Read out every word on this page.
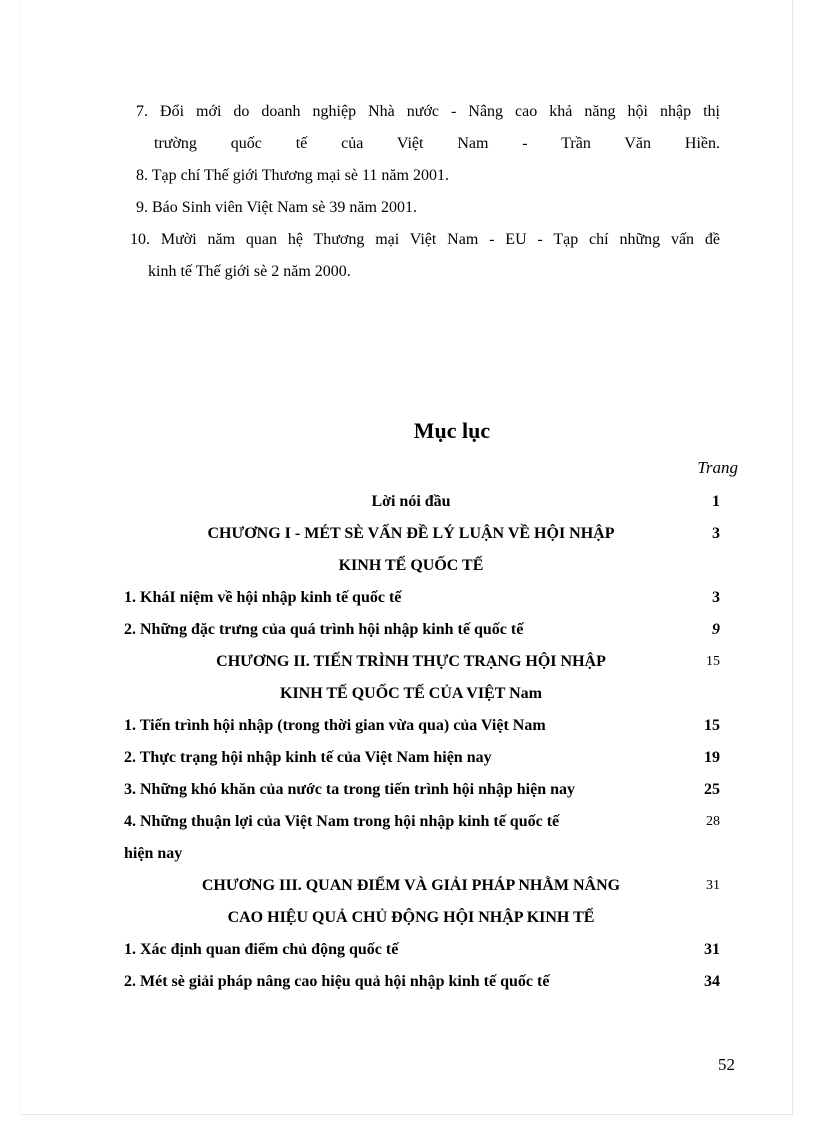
7. Đổi mới do doanh nghiệp Nhà nước - Nâng cao khả năng hội nhập thị
trường quốc tế của Việt Nam - Trần Văn Hiền.
8. Tạp chí Thế giới Thương mại sè 11 năm 2001.
9. Báo Sinh viên Việt Nam sè 39 năm 2001.
10. Mười năm quan hệ Thương mại Việt Nam - EU - Tạp chí những vấn đề
kinh tế Thế giới sè 2 năm 2000.
Mục lục
Trang
Lời nói đầu	1
CHƯƠNG I - MÉT SÈ VẤN ĐỀ LÝ LUẬN VỀ HỘI NHẬP	3
KINH TẾ QUỐC TẾ
1. KháI niệm về hội nhập kinh tế quốc tế	3
2. Những đặc trưng của quá trình hội nhập kinh tế quốc tế	9
CHƯƠNG II. TIẾN TRÌNH THỰC TRẠNG HỘI NHẬP	15
KINH TẾ QUỐC TẾ CỦA VIỆT Nam
1. Tiến trình hội nhập (trong thời gian vừa qua) của Việt Nam	15
2. Thực trạng hội nhập kinh tế của Việt Nam hiện nay	19
3. Những khó khăn của nước ta trong tiến trình hội nhập hiện nay	25
4. Những thuận lợi của Việt Nam trong hội nhập kinh tế quốc tế	28
hiện nay
CHƯƠNG III. QUAN ĐIỂM VÀ GIẢI PHÁP NHẰM NÂNG	31
CAO HIỆU QUẢ CHỦ ĐỘNG HỘI NHẬP KINH TẾ
1. Xác định quan điểm chủ động quốc tế	31
2. Mét sè giải pháp nâng cao hiệu quả hội nhập kinh tế quốc tế	34
52
